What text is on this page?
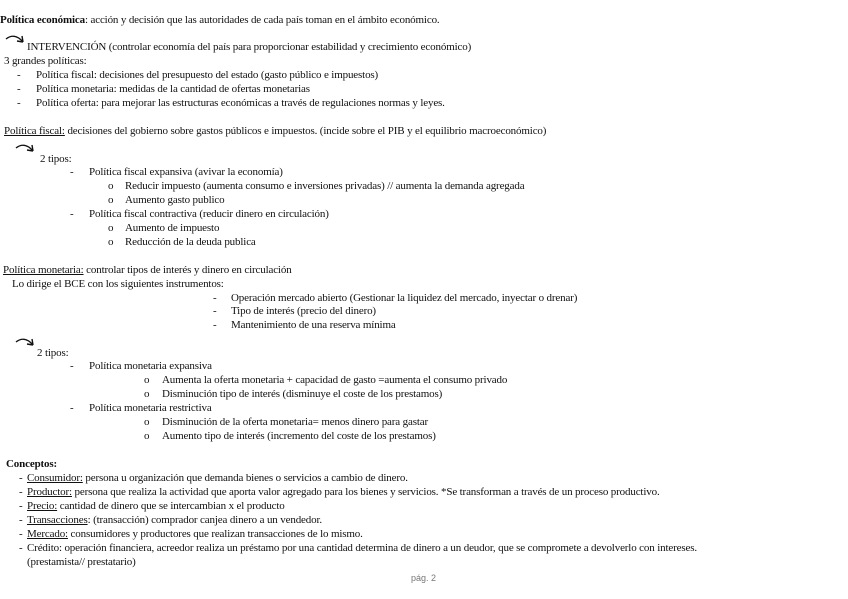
Política económica: acción y decisión que las autoridades de cada país toman en el ámbito económico.
INTERVENCIÓN (controlar economía del país para proporcionar estabilidad y crecimiento económico)
3 grandes políticas:
- Política fiscal: decisiones del presupuesto del estado (gasto público e impuestos)
- Política monetaria: medidas de la cantidad de ofertas monetarias
- Política oferta: para mejorar las estructuras económicas a través de regulaciones normas y leyes.
Política fiscal: decisiones del gobierno sobre gastos públicos e impuestos. (incide sobre el PIB y el equilibrio macroeconómico)
2 tipos:
- Política fiscal expansiva (avivar la economía)
o Reducir impuesto (aumenta consumo e inversiones privadas) // aumenta la demanda agregada
o Aumento gasto publico
- Política fiscal contractiva (reducir dinero en circulación)
o Aumento de impuesto
o Reducción de la deuda publica
Política monetaria: controlar tipos de interés y dinero en circulación
Lo dirige el BCE con los siguientes instrumentos:
- Operación mercado abierto (Gestionar la liquidez del mercado, inyectar o drenar)
- Tipo de interés (precio del dinero)
- Mantenimiento de una reserva mínima
2 tipos:
- Política monetaria expansiva
o Aumenta la oferta monetaria + capacidad de gasto =aumenta el consumo privado
o Disminución tipo de interés (disminuye el coste de los prestamos)
- Política monetaria restrictiva
o Disminución de la oferta monetaria= menos dinero para gastar
o Aumento tipo de interés (incremento del coste de los prestamos)
Conceptos:
- Consumidor: persona u organización que demanda bienes o servicios a cambio de dinero.
- Productor: persona que realiza la actividad que aporta valor agregado para los bienes y servicios. *Se transforman a través de un proceso productivo.
- Precio: cantidad de dinero que se intercambian x el producto
- Transacciones: (transacción) comprador canjea dinero a un vendedor.
- Mercado: consumidores y productores que realizan transacciones de lo mismo.
- Crédito: operación financiera, acreedor realiza un préstamo por una cantidad determina de dinero a un deudor, que se compromete a devolverlo con intereses.
(prestamista// prestatario)
pág. 2
